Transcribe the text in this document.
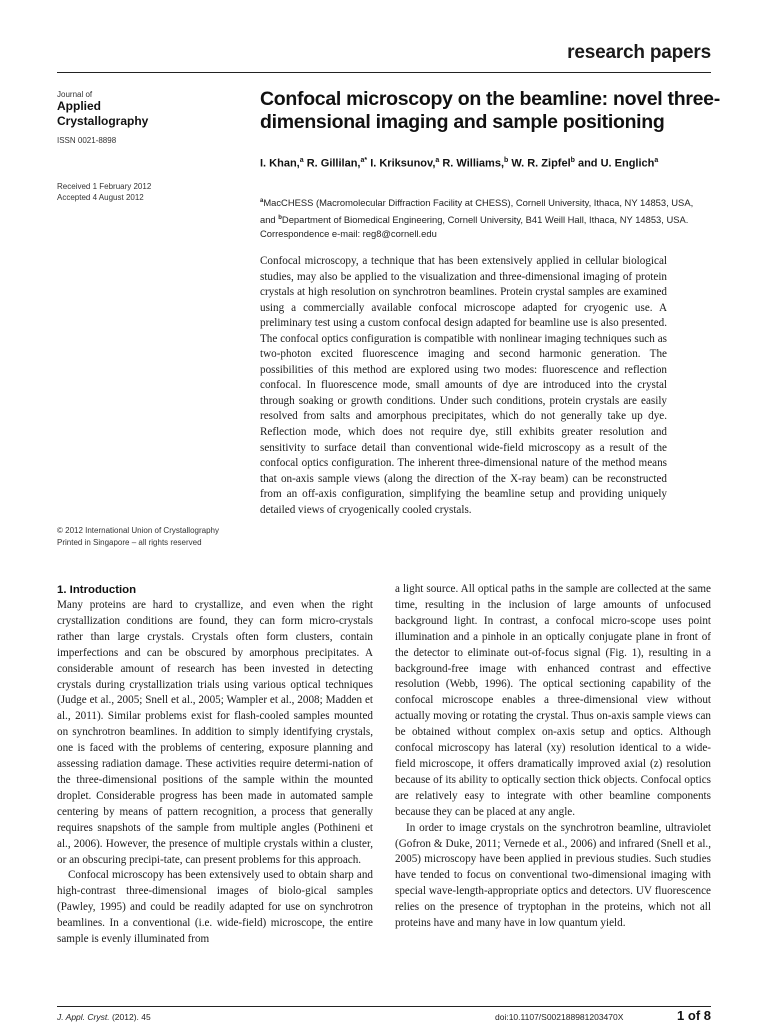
research papers
Journal of
Applied
Crystallography
ISSN 0021-8898
Received 1 February 2012
Accepted 4 August 2012
© 2012 International Union of Crystallography
Printed in Singapore – all rights reserved
Confocal microscopy on the beamline: novel three-dimensional imaging and sample positioning
I. Khan,$^a$ R. Gillilan,$^{a*}$ I. Kriksunov,$^a$ R. Williams,$^b$ W. R. Zipfel$^b$ and U. Englich$^a$
$^a$MacCHESS (Macromolecular Diffraction Facility at CHESS), Cornell University, Ithaca, NY 14853, USA, and $^b$Department of Biomedical Engineering, Cornell University, B41 Weill Hall, Ithaca, NY 14853, USA. Correspondence e-mail: reg8@cornell.edu

Confocal microscopy, a technique that has been extensively applied in cellular biological studies, may also be applied to the visualization and three-dimensional imaging of protein crystals at high resolution on synchrotron beamlines. Protein crystal samples are examined using a commercially available confocal microscope adapted for cryogenic use. A preliminary test using a custom confocal design adapted for beamline use is also presented. The confocal optics configuration is compatible with nonlinear imaging techniques such as two-photon excited fluorescence imaging and second harmonic generation. The possibilities of this method are explored using two modes: fluorescence and reflection confocal. In fluorescence mode, small amounts of dye are introduced into the crystal through soaking or growth conditions. Under such conditions, protein crystals are easily resolved from salts and amorphous precipitates, which do not generally take up dye. Reflection mode, which does not require dye, still exhibits greater resolution and sensitivity to surface detail than conventional wide-field microscopy as a result of the confocal optics configuration. The inherent three-dimensional nature of the method means that on-axis sample views (along the direction of the X-ray beam) can be reconstructed from an off-axis configuration, simplifying the beamline setup and providing uniquely detailed views of cryogenically cooled crystals.

1. Introduction

Many proteins are hard to crystallize, and even when the right crystallization conditions are found, they can form micro-crystals rather than large crystals. Crystals often form clusters, contain imperfections and can be obscured by amorphous precipitates. A considerable amount of research has been invested in detecting crystals during crystallization trials using various optical techniques (Judge et al., 2005; Snell et al., 2005; Wampler et al., 2008; Madden et al., 2011). Similar problems exist for flash-cooled samples mounted on synchrotron beamlines. In addition to simply identifying crystals, one is faced with the problems of centering, exposure planning and assessing radiation damage. These activities require determi-nation of the three-dimensional positions of the sample within the mounted droplet. Considerable progress has been made in automated sample centering by means of pattern recognition, a process that generally requires snapshots of the sample from multiple angles (Pothineni et al., 2006). However, the presence of multiple crystals within a cluster, or an obscuring precipi-tate, can present problems for this approach.

Confocal microscopy has been extensively used to obtain sharp and high-contrast three-dimensional images of biolo-gical samples (Pawley, 1995) and could be readily adapted for use on synchrotron beamlines. In a conventional (i.e. wide-field) microscope, the entire sample is evenly illuminated from

a light source. All optical paths in the sample are collected at the same time, resulting in the inclusion of large amounts of unfocused background light. In contrast, a confocal micro-scope uses point illumination and a pinhole in an optically conjugate plane in front of the detector to eliminate out-of-focus signal (Fig. 1), resulting in a background-free image with enhanced contrast and effective resolution (Webb, 1996). The optical sectioning capability of the confocal microscope enables a three-dimensional view without actually moving or rotating the crystal. Thus on-axis sample views can be obtained without complex on-axis setup and optics. Although confocal microscopy has lateral (xy) resolution identical to a wide-field microscope, it offers dramatically improved axial (z) resolution because of its ability to optically section thick objects. Confocal optics are relatively easy to integrate with other beamline components because they can be placed at any angle.

In order to image crystals on the synchrotron beamline, ultraviolet (Gofron & Duke, 2011; Vernede et al., 2006) and infrared (Snell et al., 2005) microscopy have been applied in previous studies. Such studies have tended to focus on conventional two-dimensional imaging with special wave-length-appropriate optics and detectors. UV fluorescence relies on the presence of tryptophan in the proteins, which not all proteins have and many have in low quantum yield.

J. Appl. Cryst. (2012). 45	doi:10.1107/S002188981203470X	1 of 8
